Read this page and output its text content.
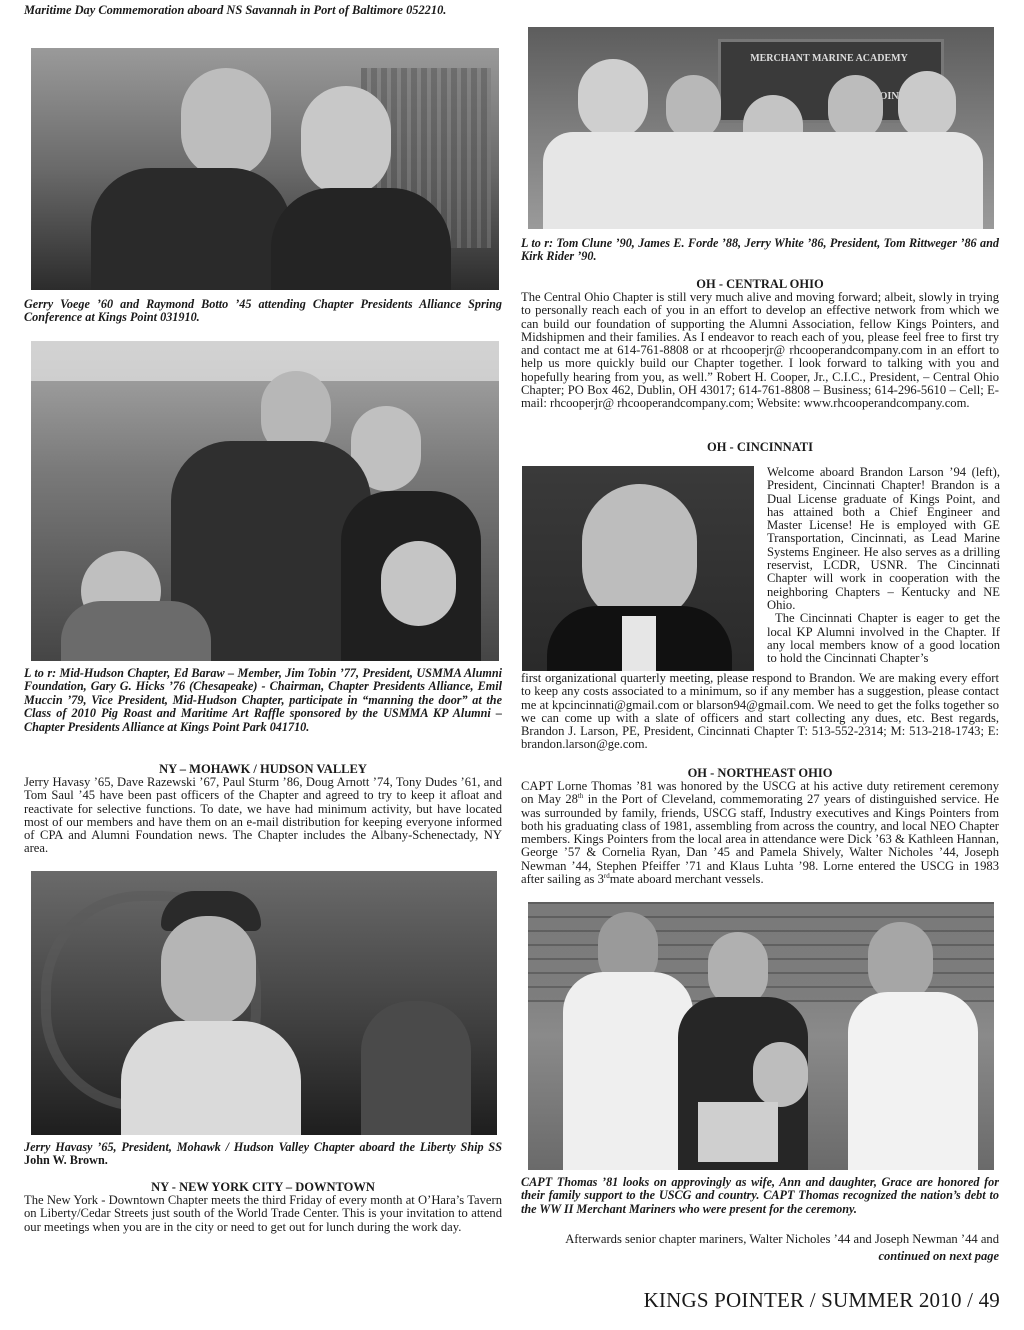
Maritime Day Commemoration aboard NS Savannah in Port of Baltimore 052210.
Gerry Voege ’60 and Raymond Botto ’45 attending Chapter Presidents Alliance Spring Conference at Kings Point 031910.
L to r: Mid-Hudson Chapter, Ed Baraw – Member, Jim Tobin ’77, President, USMMA Alumni Foundation, Gary G. Hicks ’76 (Chesapeake) - Chairman, Chapter Presidents Alliance, Emil Muccin ’79, Vice President, Mid-Hudson Chapter, participate in “manning the door” at the Class of 2010 Pig Roast and Maritime Art Raffle sponsored by the USMMA KP Alumni – Chapter Presidents Alliance at Kings Point Park 041710.
NY – MOHAWK / HUDSON VALLEY
Jerry Havasy ’65, Dave Razewski ’67, Paul Sturm ’86, Doug Arnott ’74, Tony Dudes ’61, and Tom Saul ’45 have been past officers of the Chapter and agreed to try to keep it afloat and reactivate for selective functions. To date, we have had minimum activity, but have located most of our members and have them on an e-mail distribution for keeping everyone informed of CPA and Alumni Foundation news. The Chapter includes the Albany-Schenectady, NY area.
Jerry Havasy ’65, President, Mohawk / Hudson Valley Chapter aboard the Liberty Ship SS John W. Brown.
NY - NEW YORK CITY – DOWNTOWN
The New York - Downtown Chapter meets the third Friday of every month at O’Hara’s Tavern on Liberty/Cedar Streets just south of the World Trade Center. This is your invitation to attend our meetings when you are in the city or need to get out for lunch during the work day.
MERCHANT MARINE ACADEMY
POINT,
L to r: Tom Clune ’90, James E. Forde ’88, Jerry White ’86, President, Tom Rittweger ’86 and Kirk Rider ’90.
OH - CENTRAL OHIO
The Central Ohio Chapter is still very much alive and moving forward; albeit, slowly in trying to personally reach each of you in an effort to develop an effective network from which we can build our foundation of supporting the Alumni Association, fellow Kings Pointers, and Midshipmen and their families. As I endeavor to reach each of you, please feel free to first try and contact me at 614-761-8808 or at rhcooperjr@ rhcooperandcompany.com in an effort to help us more quickly build our Chapter together. I look forward to talking with you and hopefully hearing from you, as well.” Robert H. Cooper, Jr., C.I.C., President, – Central Ohio Chapter; PO Box 462, Dublin, OH 43017; 614-761-8808 – Business; 614-296-5610 – Cell; E-mail: rhcooperjr@ rhcooperandcompany.com; Website: www.rhcooperandcompany.com.
OH - CINCINNATI

Welcome aboard Brandon Larson ’94 (left), President, Cincinnati Chapter! Brandon is a Dual License graduate of Kings Point, and has attained both a Chief Engineer and Master License! He is employed with GE Transportation, Cincinnati, as Lead Marine Systems Engineer. He also serves as a drilling reservist, LCDR, USNR. The Cincinnati Chapter will work in cooperation with the neighboring Chapters – Kentucky and NE Ohio.

The Cincinnati Chapter is eager to get the local KP Alumni involved in the Chapter. If any local members know of a good location to hold the Cincinnati Chapter’s

first organizational quarterly meeting, please respond to Brandon. We are making every effort to keep any costs associated to a minimum, so if any member has a suggestion, please contact me at kpcincinnati@gmail.com or blarson94@gmail.com. We need to get the folks together so we can come up with a slate of officers and start collecting any dues, etc. Best regards, Brandon J. Larson, PE, President, Cincinnati Chapter T: 513-552-2314; M: 513-218-1743; E: brandon.larson@ge.com.
OH - NORTHEAST OHIO
CAPT Lorne Thomas ’81 was honored by the USCG at his active duty retirement ceremony on May 28th in the Port of Cleveland, commemorating 27 years of distinguished service. He was surrounded by family, friends, USCG staff, Industry executives and Kings Pointers from both his graduating class of 1981, assembling from across the country, and local NEO Chapter members. Kings Pointers from the local area in attendance were Dick ’63 & Kathleen Hannan, George ’57 & Cornelia Ryan, Dan ’45 and Pamela Shively, Walter Nicholes ’44, Joseph Newman ’44, Stephen Pfeiffer ’71 and Klaus Luhta ’98. Lorne entered the USCG in 1983 after sailing as 3rdmate aboard merchant vessels.
CAPT Thomas ’81 looks on approvingly as wife, Ann and daughter, Grace are honored for their family support to the USCG and country. CAPT Thomas recognized the nation’s debt to the WW II Merchant Mariners who were present for the ceremony.
Afterwards senior chapter mariners, Walter Nicholes ’44 and Joseph Newman ’44 and
continued on next page
KINGS POINTER / SUMMER 2010 / 49
